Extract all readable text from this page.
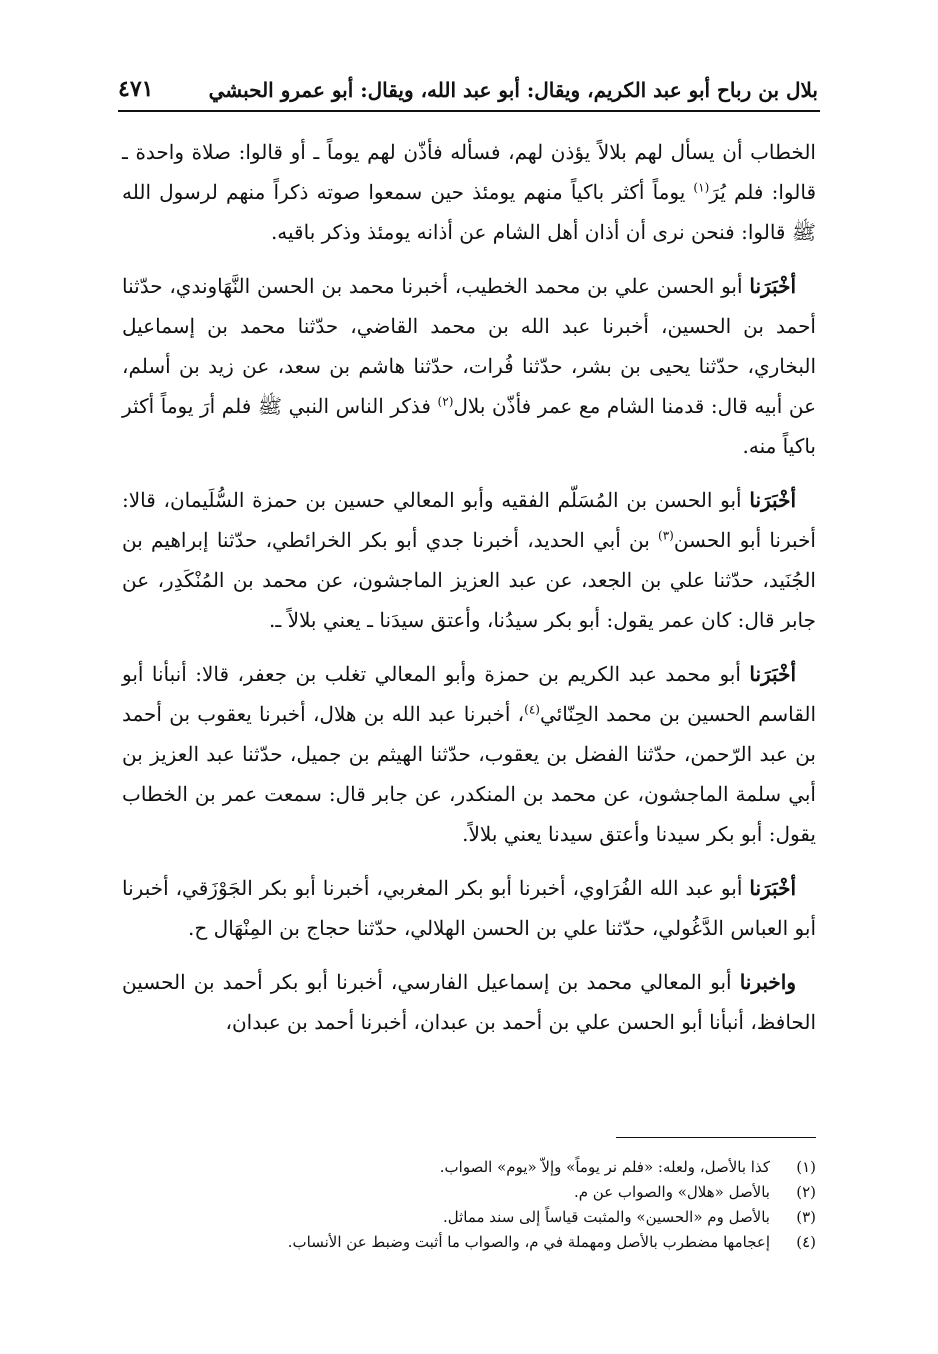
بلال بن رباح أبو عبد الكريم، ويقال: أبو عبد الله، ويقال: أبو عمرو الحبشي
٤٧١

الخطاب أن يسأل لهم بلالاً يؤذن لهم، فسأله فأذّن لهم يوماً ـ أو قالوا: صلاة واحدة ـ قالوا: فلم يُرَ$^{(١)}$ يوماً أكثر باكياً منهم يومئذ حين سمعوا صوته ذكراً منهم لرسول الله ﷺ قالوا: فنحن نرى أن أذان أهل الشام عن أذانه يومئذ وذكر باقيه.

أخْبَرَنا أبو الحسن علي بن محمد الخطيب، أخبرنا محمد بن الحسن النَّهَاوندي، حدّثنا أحمد بن الحسين، أخبرنا عبد الله بن محمد القاضي، حدّثنا محمد بن إسماعيل البخاري، حدّثنا يحيى بن بشر، حدّثنا فُرات، حدّثنا هاشم بن سعد، عن زيد بن أسلم، عن أبيه قال: قدمنا الشام مع عمر فأذّن بلال$^{(٢)}$ فذكر الناس النبي ﷺ فلم أرَ يوماً أكثر باكياً منه.

أخْبَرَنا أبو الحسن بن المُسَلّم الفقيه وأبو المعالي حسين بن حمزة السُّلَيمان، قالا: أخبرنا أبو الحسن$^{(٣)}$ بن أبي الحديد، أخبرنا جدي أبو بكر الخرائطي، حدّثنا إبراهيم بن الجُنَيد، حدّثنا علي بن الجعد، عن عبد العزيز الماجشون، عن محمد بن المُنْكَدِر، عن جابر قال: كان عمر يقول: أبو بكر سيدُنا، وأعتق سيدَنا ـ يعني بلالاً ـ.

أخْبَرَنا أبو محمد عبد الكريم بن حمزة وأبو المعالي تغلب بن جعفر، قالا: أنبأنا أبو القاسم الحسين بن محمد الحِنّائي$^{(٤)}$، أخبرنا عبد الله بن هلال، أخبرنا يعقوب بن أحمد بن عبد الرّحمن، حدّثنا الفضل بن يعقوب، حدّثنا الهيثم بن جميل، حدّثنا عبد العزيز بن أبي سلمة الماجشون، عن محمد بن المنكدر، عن جابر قال: سمعت عمر بن الخطاب يقول: أبو بكر سيدنا وأعتق سيدنا يعني بلالاً.

أخْبَرَنا أبو عبد الله الفُرَاوي، أخبرنا أبو بكر المغربي، أخبرنا أبو بكر الجَوْزَقي، أخبرنا أبو العباس الدَّغُولي، حدّثنا علي بن الحسن الهلالي، حدّثنا حجاج بن المِنْهَال ح.

واخبرنا أبو المعالي محمد بن إسماعيل الفارسي، أخبرنا أبو بكر أحمد بن الحسين الحافظ، أنبأنا أبو الحسن علي بن أحمد بن عبدان، أخبرنا أحمد بن عبدان،

(١)
كذا بالأصل، ولعله: «فلم نر يوماً» وإلاّ «يوم» الصواب.

(٢)
بالأصل «هلال» والصواب عن م.

(٣)
بالأصل وم «الحسين» والمثبت قياساً إلى سند مماثل.

(٤)
إعجامها مضطرب بالأصل ومهملة في م، والصواب ما أثبت وضبط عن الأنساب.
